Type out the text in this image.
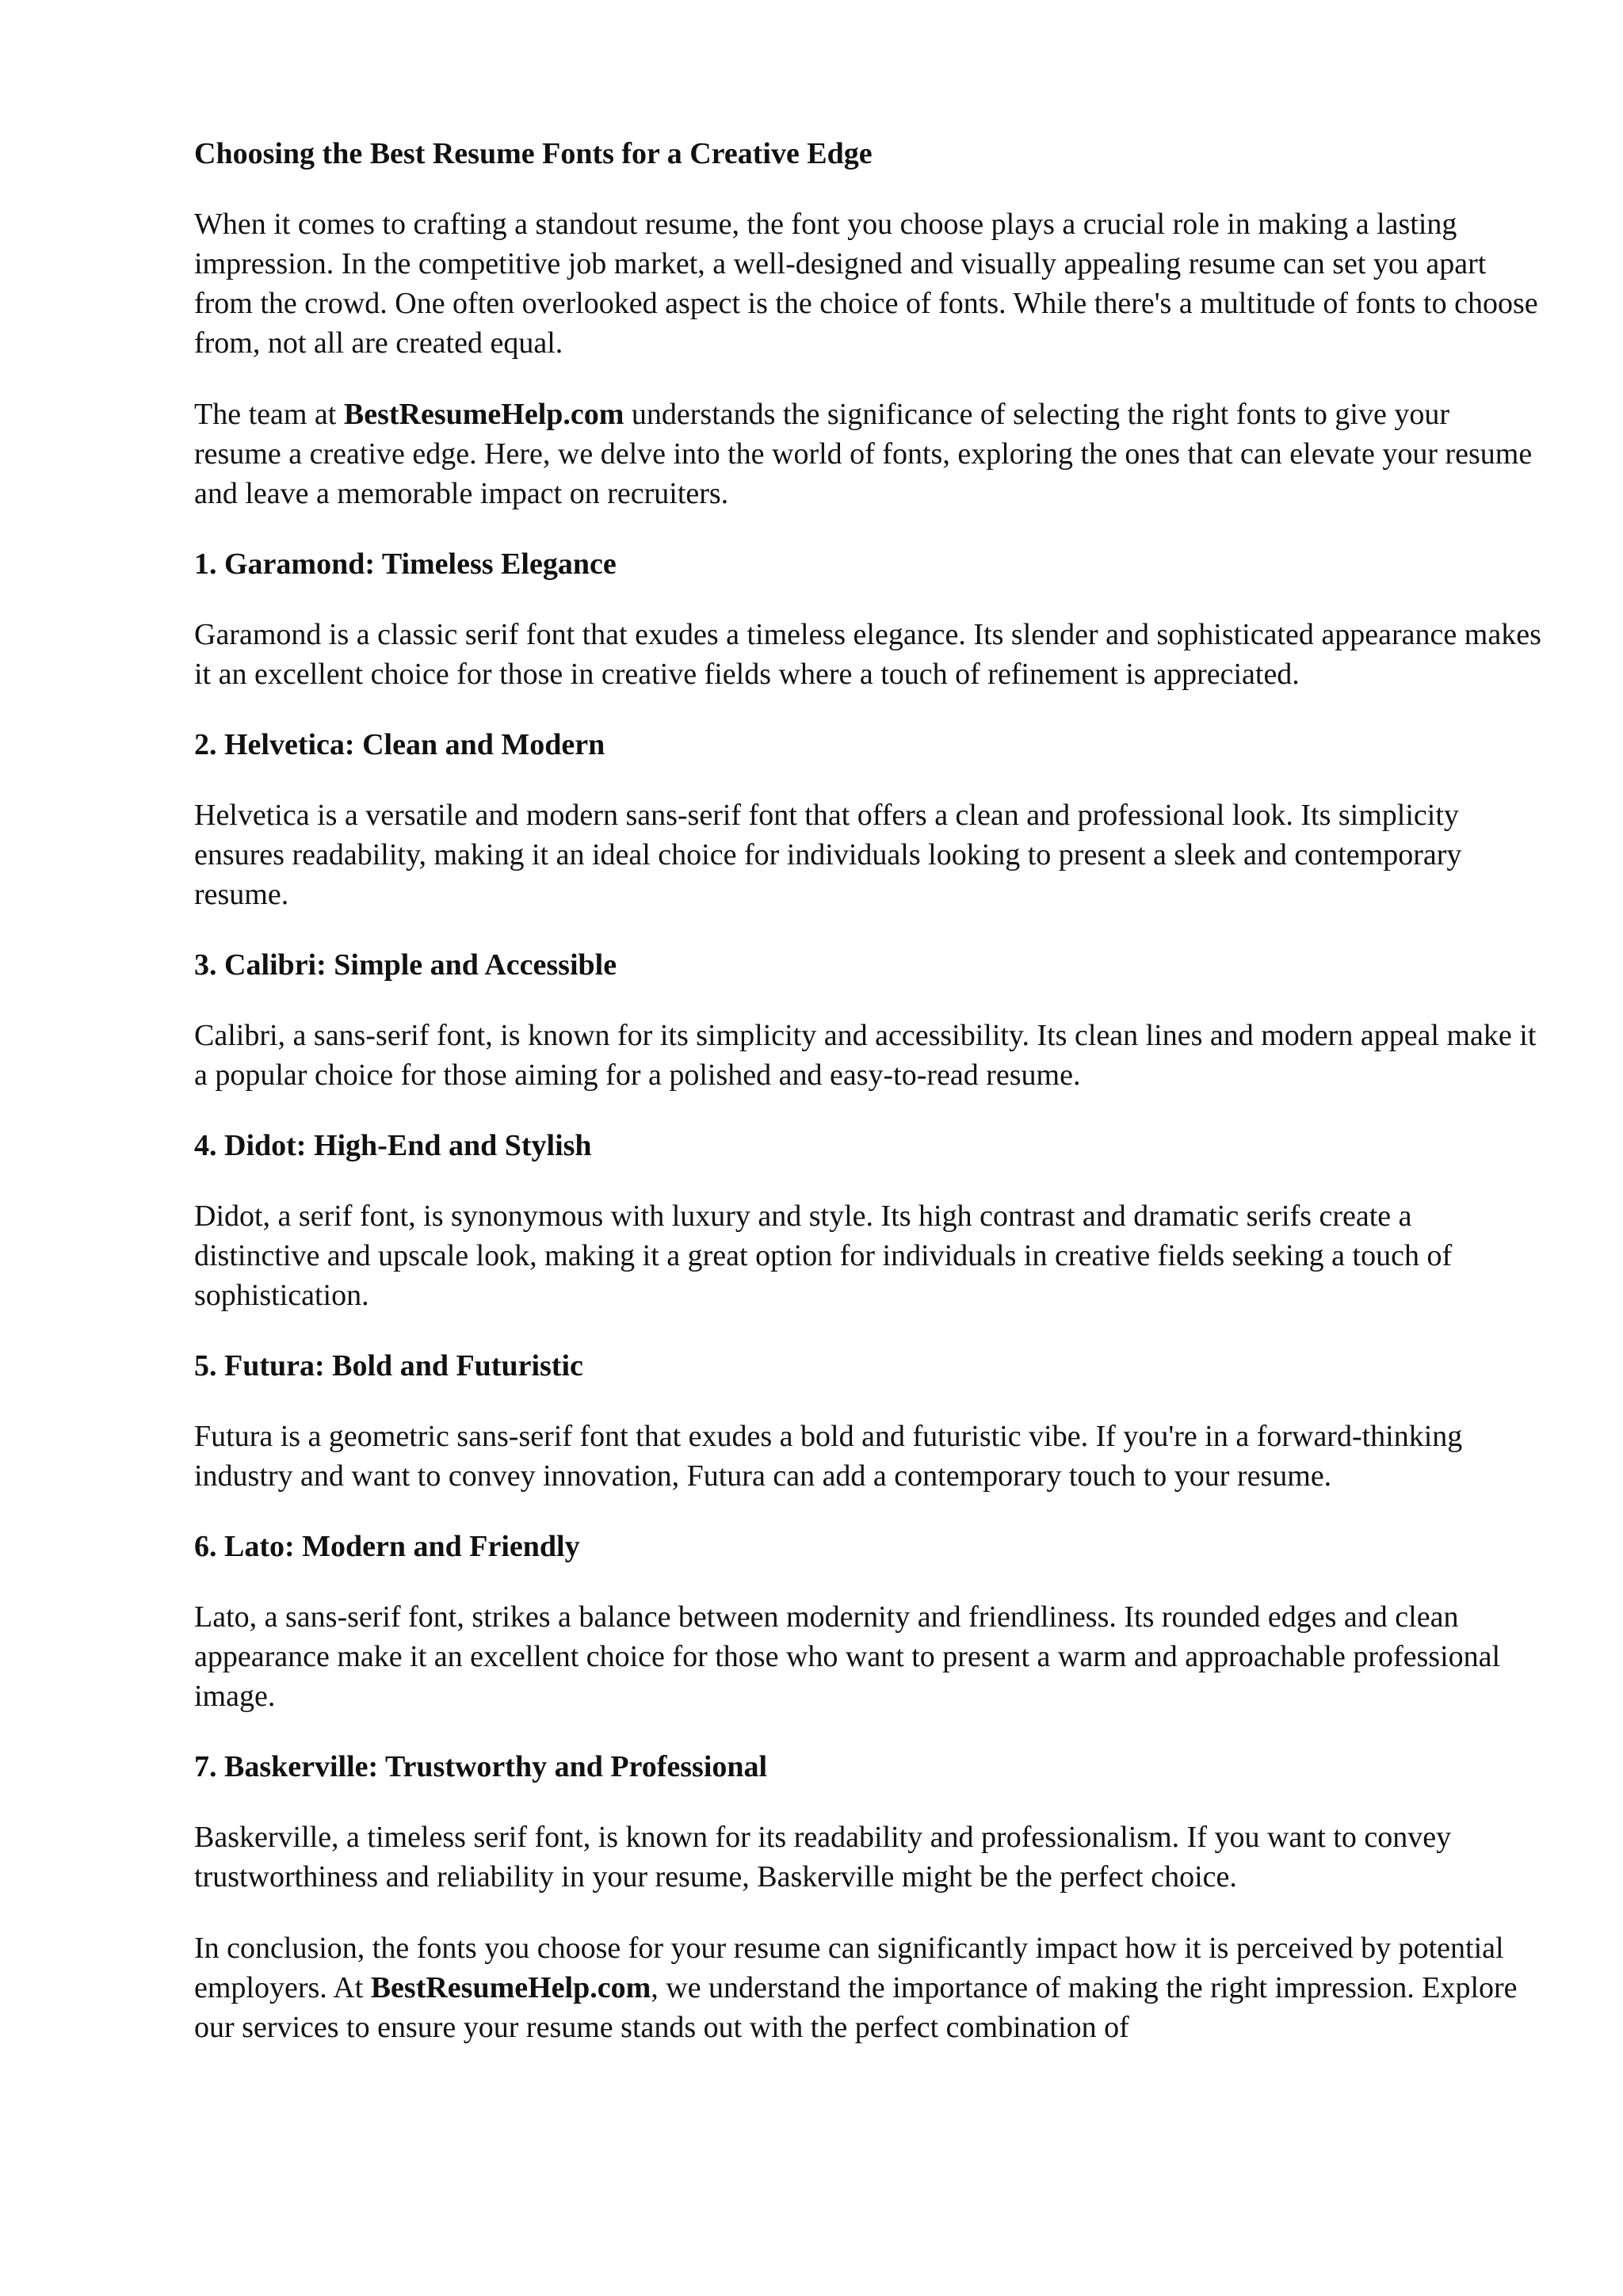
Choosing the Best Resume Fonts for a Creative Edge

When it comes to crafting a standout resume, the font you choose plays a crucial role in making a lasting impression. In the competitive job market, a well-designed and visually appealing resume can set you apart from the crowd. One often overlooked aspect is the choice of fonts. While there's a multitude of fonts to choose from, not all are created equal.

The team at BestResumeHelp.com understands the significance of selecting the right fonts to give your resume a creative edge. Here, we delve into the world of fonts, exploring the ones that can elevate your resume and leave a memorable impact on recruiters.

1. Garamond: Timeless Elegance

Garamond is a classic serif font that exudes a timeless elegance. Its slender and sophisticated appearance makes it an excellent choice for those in creative fields where a touch of refinement is appreciated.

2. Helvetica: Clean and Modern

Helvetica is a versatile and modern sans-serif font that offers a clean and professional look. Its simplicity ensures readability, making it an ideal choice for individuals looking to present a sleek and contemporary resume.

3. Calibri: Simple and Accessible

Calibri, a sans-serif font, is known for its simplicity and accessibility. Its clean lines and modern appeal make it a popular choice for those aiming for a polished and easy-to-read resume.

4. Didot: High-End and Stylish

Didot, a serif font, is synonymous with luxury and style. Its high contrast and dramatic serifs create a distinctive and upscale look, making it a great option for individuals in creative fields seeking a touch of sophistication.

5. Futura: Bold and Futuristic

Futura is a geometric sans-serif font that exudes a bold and futuristic vibe. If you're in a forward-thinking industry and want to convey innovation, Futura can add a contemporary touch to your resume.

6. Lato: Modern and Friendly

Lato, a sans-serif font, strikes a balance between modernity and friendliness. Its rounded edges and clean appearance make it an excellent choice for those who want to present a warm and approachable professional image.

7. Baskerville: Trustworthy and Professional

Baskerville, a timeless serif font, is known for its readability and professionalism. If you want to convey trustworthiness and reliability in your resume, Baskerville might be the perfect choice.

In conclusion, the fonts you choose for your resume can significantly impact how it is perceived by potential employers. At BestResumeHelp.com, we understand the importance of making the right impression. Explore our services to ensure your resume stands out with the perfect combination of
